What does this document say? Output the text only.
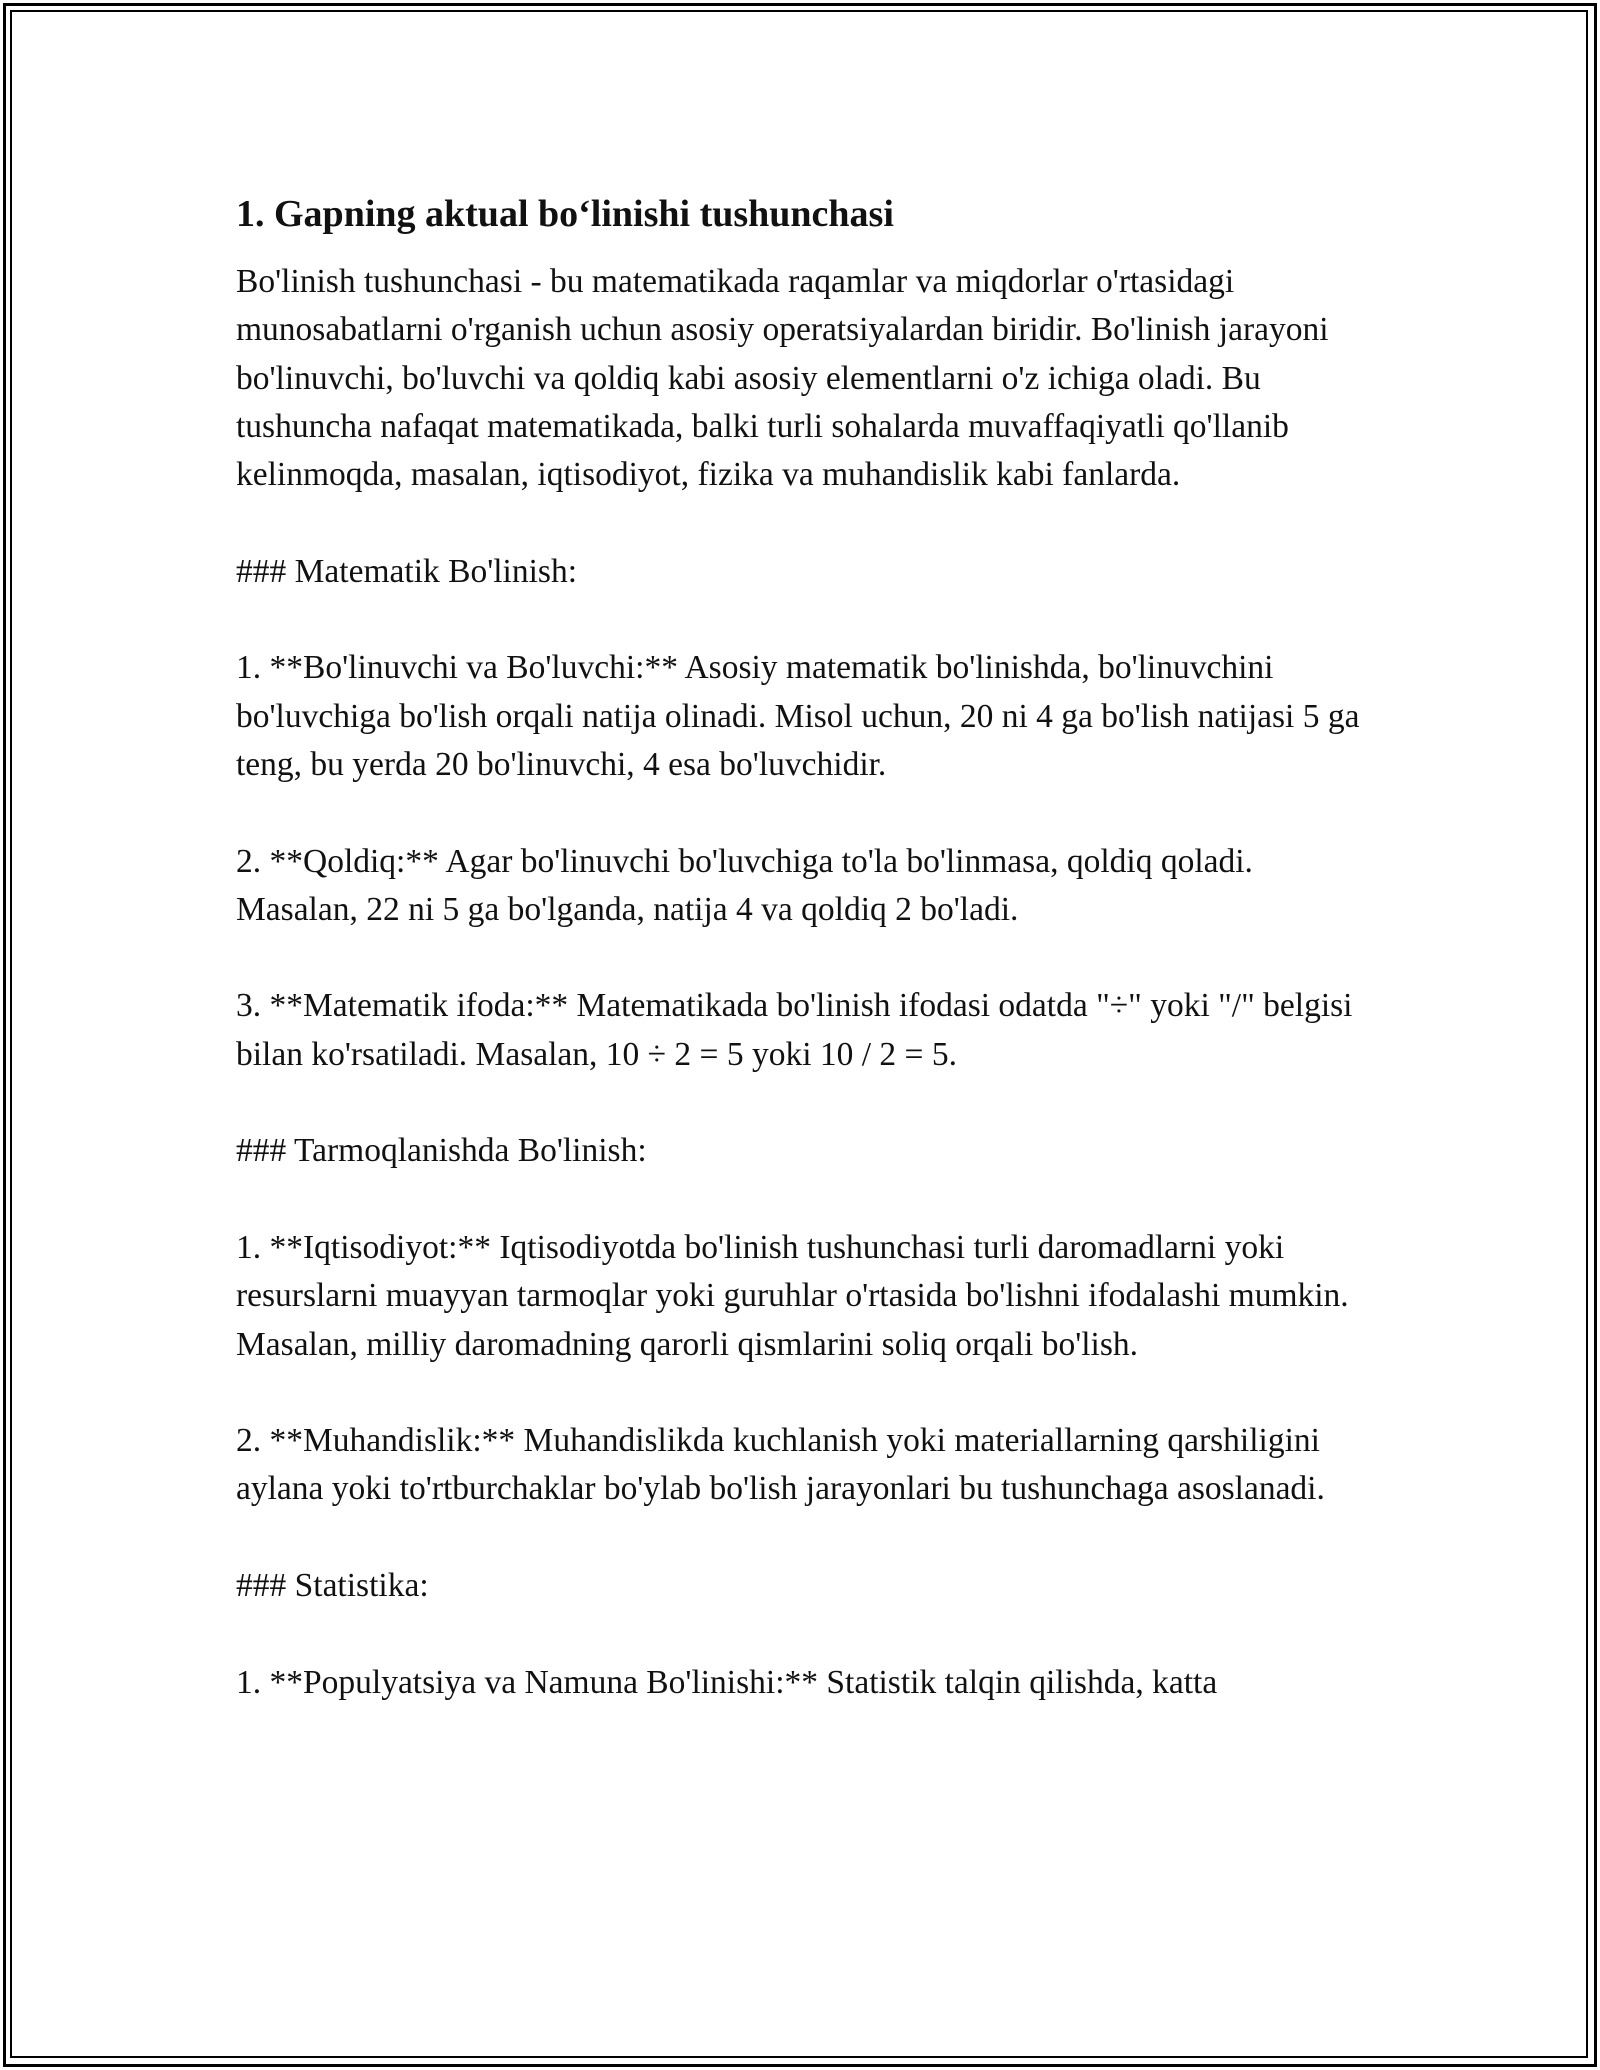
1. Gapning aktual bo‘linishi tushunchasi

Bo'linish tushunchasi - bu matematikada raqamlar va miqdorlar o'rtasidagi munosabatlarni o'rganish uchun asosiy operatsiyalardan biridir. Bo'linish jarayoni bo'linuvchi, bo'luvchi va qoldiq kabi asosiy elementlarni o'z ichiga oladi. Bu tushuncha nafaqat matematikada, balki turli sohalarda muvaffaqiyatli qo'llanib kelinmoqda, masalan, iqtisodiyot, fizika va muhandislik kabi fanlarda.

### Matematik Bo'linish:

1. **Bo'linuvchi va Bo'luvchi:** Asosiy matematik bo'linishda, bo'linuvchini bo'luvchiga bo'lish orqali natija olinadi. Misol uchun, 20 ni 4 ga bo'lish natijasi 5 ga teng, bu yerda 20 bo'linuvchi, 4 esa bo'luvchidir.

2. **Qoldiq:** Agar bo'linuvchi bo'luvchiga to'la bo'linmasa, qoldiq qoladi. Masalan, 22 ni 5 ga bo'lganda, natija 4 va qoldiq 2 bo'ladi.

3. **Matematik ifoda:** Matematikada bo'linish ifodasi odatda "÷" yoki "/" belgisi bilan ko'rsatiladi. Masalan, 10 ÷ 2 = 5 yoki 10 / 2 = 5.

### Tarmoqlanishda Bo'linish:

1. **Iqtisodiyot:** Iqtisodiyotda bo'linish tushunchasi turli daromadlarni yoki resurslarni muayyan tarmoqlar yoki guruhlar o'rtasida bo'lishni ifodalashi mumkin. Masalan, milliy daromadning qarorli qismlarini soliq orqali bo'lish.

2. **Muhandislik:** Muhandislikda kuchlanish yoki materiallarning qarshiligini aylana yoki to'rtburchaklar bo'ylab bo'lish jarayonlari bu tushunchaga asoslanadi.

### Statistika:

1. **Populyatsiya va Namuna Bo'linishi:** Statistik talqin qilishda, katta
